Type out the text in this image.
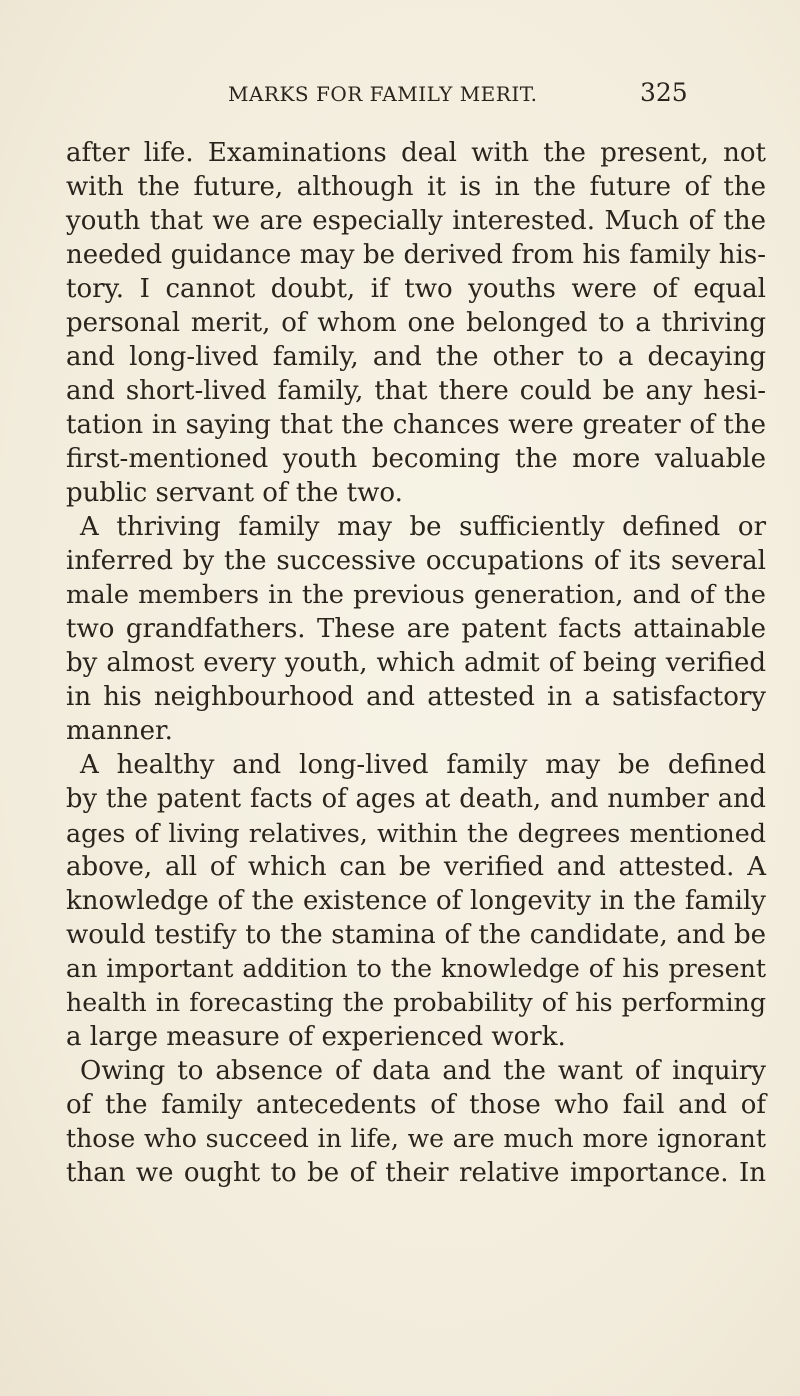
MARKS FOR FAMILY MERIT.	325

after life. Examinations deal with the present, not
with the future, although it is in the future of the
youth that we are especially interested. Much of the
needed guidance may be derived from his family his-
tory. I cannot doubt, if two youths were of equal
personal merit, of whom one belonged to a thriving
and long-lived family, and the other to a decaying
and short-lived family, that there could be any hesi-
tation in saying that the chances were greater of the
first-mentioned youth becoming the more valuable
public servant of the two.

A thriving family may be sufficiently defined or
inferred by the successive occupations of its several
male members in the previous generation, and of the
two grandfathers. These are patent facts attainable
by almost every youth, which admit of being verified
in his neighbourhood and attested in a satisfactory
manner.

A healthy and long-lived family may be defined
by the patent facts of ages at death, and number and
ages of living relatives, within the degrees mentioned
above, all of which can be verified and attested. A
knowledge of the existence of longevity in the family
would testify to the stamina of the candidate, and be
an important addition to the knowledge of his present
health in forecasting the probability of his performing
a large measure of experienced work.

Owing to absence of data and the want of inquiry
of the family antecedents of those who fail and of
those who succeed in life, we are much more ignorant
than we ought to be of their relative importance. In
